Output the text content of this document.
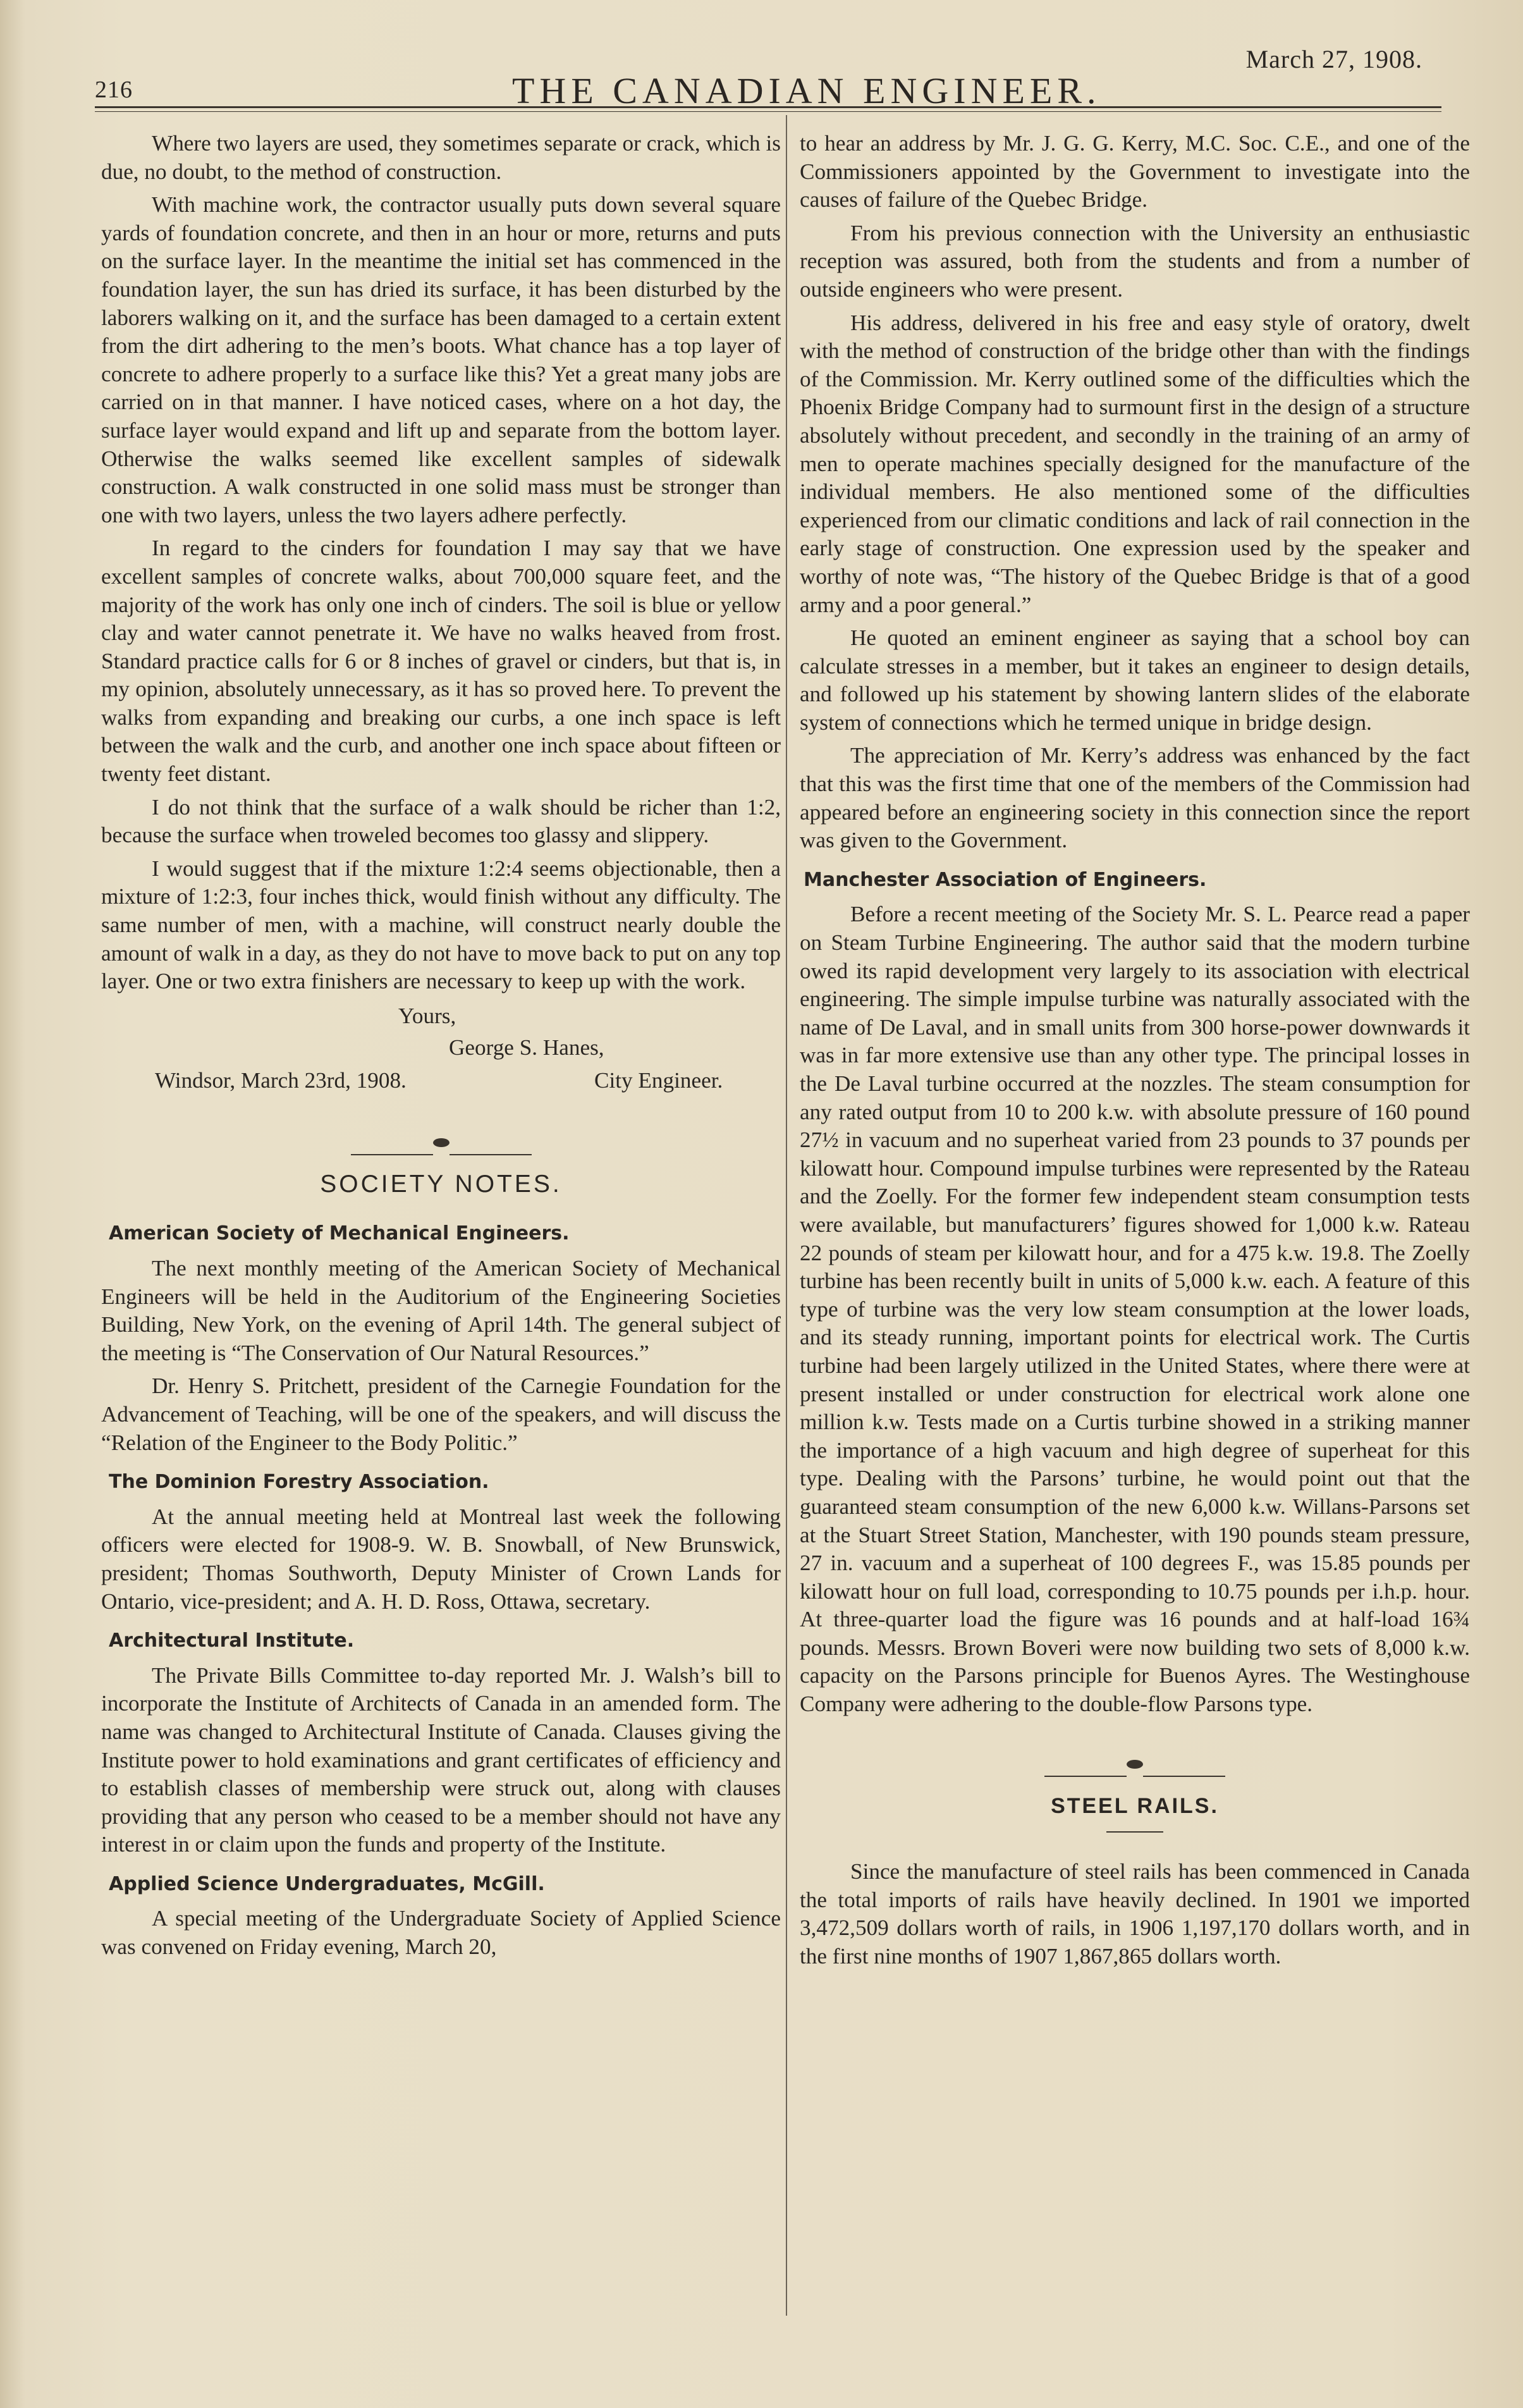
216	THE CANADIAN ENGINEER.
March 27, 1908.

Where two layers are used, they sometimes separate or crack, which is due, no doubt, to the method of construction.

With machine work, the contractor usually puts down several square yards of foundation concrete, and then in an hour or more, returns and puts on the surface layer. In the meantime the initial set has commenced in the foundation layer, the sun has dried its surface, it has been disturbed by the laborers walking on it, and the surface has been damaged to a certain extent from the dirt adhering to the men’s boots. What chance has a top layer of concrete to adhere properly to a surface like this? Yet a great many jobs are carried on in that manner. I have noticed cases, where on a hot day, the surface layer would expand and lift up and separate from the bottom layer. Otherwise the walks seemed like excellent samples of sidewalk construction. A walk constructed in one solid mass must be stronger than one with two layers, unless the two layers adhere perfectly.

In regard to the cinders for foundation I may say that we have excellent samples of concrete walks, about 700,000 square feet, and the majority of the work has only one inch of cinders. The soil is blue or yellow clay and water cannot penetrate it. We have no walks heaved from frost. Standard practice calls for 6 or 8 inches of gravel or cinders, but that is, in my opinion, absolutely unnecessary, as it has so proved here. To prevent the walks from expanding and breaking our curbs, a one inch space is left between the walk and the curb, and another one inch space about fifteen or twenty feet distant.

I do not think that the surface of a walk should be richer than 1:2, because the surface when troweled becomes too glassy and slippery.

I would suggest that if the mixture 1:2:4 seems objectionable, then a mixture of 1:2:3, four inches thick, would finish without any difficulty. The same number of men, with a machine, will construct nearly double the amount of walk in a day, as they do not have to move back to put on any top layer. One or two extra finishers are necessary to keep up with the work.

Yours,
George S. Hanes,
Windsor, March 23rd, 1908.	City Engineer.
SOCIETY NOTES.
American Society of Mechanical Engineers.

The next monthly meeting of the American Society of Mechanical Engineers will be held in the Auditorium of the Engineering Societies Building, New York, on the evening of April 14th. The general subject of the meeting is “The Conservation of Our Natural Resources.”

Dr. Henry S. Pritchett, president of the Carnegie Foundation for the Advancement of Teaching, will be one of the speakers, and will discuss the “Relation of the Engineer to the Body Politic.”

The Dominion Forestry Association.

At the annual meeting held at Montreal last week the following officers were elected for 1908-9. W. B. Snowball, of New Brunswick, president; Thomas Southworth, Deputy Minister of Crown Lands for Ontario, vice-president; and A. H. D. Ross, Ottawa, secretary.

Architectural Institute.

The Private Bills Committee to-day reported Mr. J. Walsh’s bill to incorporate the Institute of Architects of Canada in an amended form. The name was changed to Architectural Institute of Canada. Clauses giving the Institute power to hold examinations and grant certificates of efficiency and to establish classes of membership were struck out, along with clauses providing that any person who ceased to be a member should not have any interest in or claim upon the funds and property of the Institute.

Applied Science Undergraduates, McGill.

A special meeting of the Undergraduate Society of Applied Science was convened on Friday evening, March 20,

to hear an address by Mr. J. G. G. Kerry, M.C. Soc. C.E., and one of the Commissioners appointed by the Government to investigate into the causes of failure of the Quebec Bridge.

From his previous connection with the University an enthusiastic reception was assured, both from the students and from a number of outside engineers who were present.

His address, delivered in his free and easy style of oratory, dwelt with the method of construction of the bridge other than with the findings of the Commission. Mr. Kerry outlined some of the difficulties which the Phoenix Bridge Company had to surmount first in the design of a structure absolutely without precedent, and secondly in the training of an army of men to operate machines specially designed for the manufacture of the individual members. He also mentioned some of the difficulties experienced from our climatic conditions and lack of rail connection in the early stage of construction. One expression used by the speaker and worthy of note was, “The history of the Quebec Bridge is that of a good army and a poor general.”

He quoted an eminent engineer as saying that a school boy can calculate stresses in a member, but it takes an engineer to design details, and followed up his statement by showing lantern slides of the elaborate system of connections which he termed unique in bridge design.

The appreciation of Mr. Kerry’s address was enhanced by the fact that this was the first time that one of the members of the Commission had appeared before an engineering society in this connection since the report was given to the Government.

Manchester Association of Engineers.

Before a recent meeting of the Society Mr. S. L. Pearce read a paper on Steam Turbine Engineering. The author said that the modern turbine owed its rapid development very largely to its association with electrical engineering. The simple impulse turbine was naturally associated with the name of De Laval, and in small units from 300 horse-power downwards it was in far more extensive use than any other type. The principal losses in the De Laval turbine occurred at the nozzles. The steam consumption for any rated output from 10 to 200 k.w. with absolute pressure of 160 pound 27½ in vacuum and no superheat varied from 23 pounds to 37 pounds per kilowatt hour. Compound impulse turbines were represented by the Rateau and the Zoelly. For the former few independent steam consumption tests were available, but manufacturers’ figures showed for 1,000 k.w. Rateau 22 pounds of steam per kilowatt hour, and for a 475 k.w. 19.8. The Zoelly turbine has been recently built in units of 5,000 k.w. each. A feature of this type of turbine was the very low steam consumption at the lower loads, and its steady running, important points for electrical work. The Curtis turbine had been largely utilized in the United States, where there were at present installed or under construction for electrical work alone one million k.w. Tests made on a Curtis turbine showed in a striking manner the importance of a high vacuum and high degree of superheat for this type. Dealing with the Parsons’ turbine, he would point out that the guaranteed steam consumption of the new 6,000 k.w. Willans-Parsons set at the Stuart Street Station, Manchester, with 190 pounds steam pressure, 27 in. vacuum and a superheat of 100 degrees F., was 15.85 pounds per kilowatt hour on full load, corresponding to 10.75 pounds per i.h.p. hour. At three-quarter load the figure was 16 pounds and at half-load 16¾ pounds. Messrs. Brown Boveri were now building two sets of 8,000 k.w. capacity on the Parsons principle for Buenos Ayres. The Westinghouse Company were adhering to the double-flow Parsons type.

STEEL RAILS.

Since the manufacture of steel rails has been commenced in Canada the total imports of rails have heavily declined. In 1901 we imported 3,472,509 dollars worth of rails, in 1906 1,197,170 dollars worth, and in the first nine months of 1907 1,867,865 dollars worth.
